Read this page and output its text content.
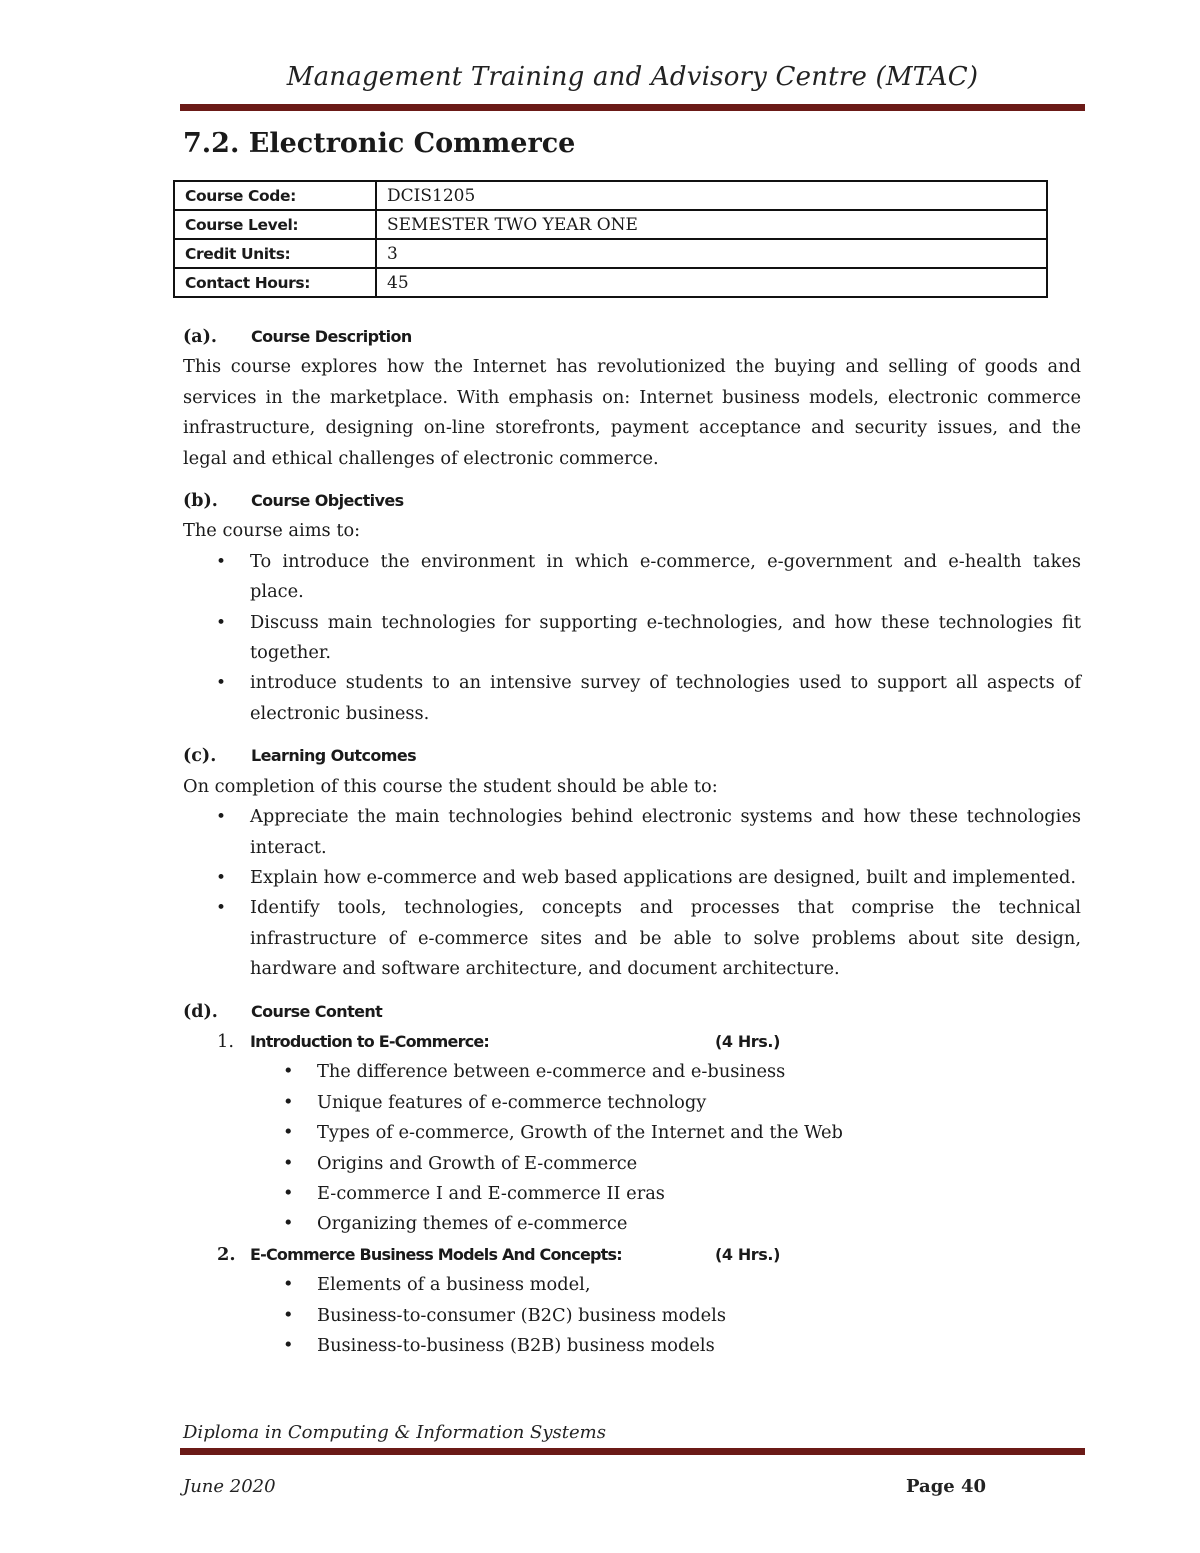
Management Training and Advisory Centre (MTAC)
7.2. Electronic Commerce
Course Code:	DCIS1205
Course Level:	SEMESTER TWO YEAR ONE
Credit Units:	3
Contact Hours:	45
(a). Course Description

This course explores how the Internet has revolutionized the buying and selling of goods and services in the marketplace. With emphasis on: Internet business models, electronic commerce infrastructure, designing on-line storefronts, payment acceptance and security issues, and the legal and ethical challenges of electronic commerce.

(b). Course Objectives

The course aims to:

• To introduce the environment in which e-commerce, e-government and e-health takes place.
• Discuss main technologies for supporting e-technologies, and how these technologies fit together.
• introduce students to an intensive survey of technologies used to support all aspects of electronic business.
(c). Learning Outcomes

On completion of this course the student should be able to:

• Appreciate the main technologies behind electronic systems and how these technologies interact.
• Explain how e-commerce and web based applications are designed, built and implemented.
• Identify tools, technologies, concepts and processes that comprise the technical infrastructure of e-commerce sites and be able to solve problems about site design, hardware and software architecture, and document architecture.
(d). Course Content
1. Introduction to E-Commerce:	(4 Hrs.)
• The difference between e-commerce and e-business
• Unique features of e-commerce technology
• Types of e-commerce, Growth of the Internet and the Web
• Origins and Growth of E-commerce
• E-commerce I and E-commerce II eras
• Organizing themes of e-commerce
2. E-Commerce Business Models And Concepts:	(4 Hrs.)
• Elements of a business model,
• Business-to-consumer (B2C) business models
• Business-to-business (B2B) business models
Diploma in Computing & Information Systems
June 2020	Page 40
